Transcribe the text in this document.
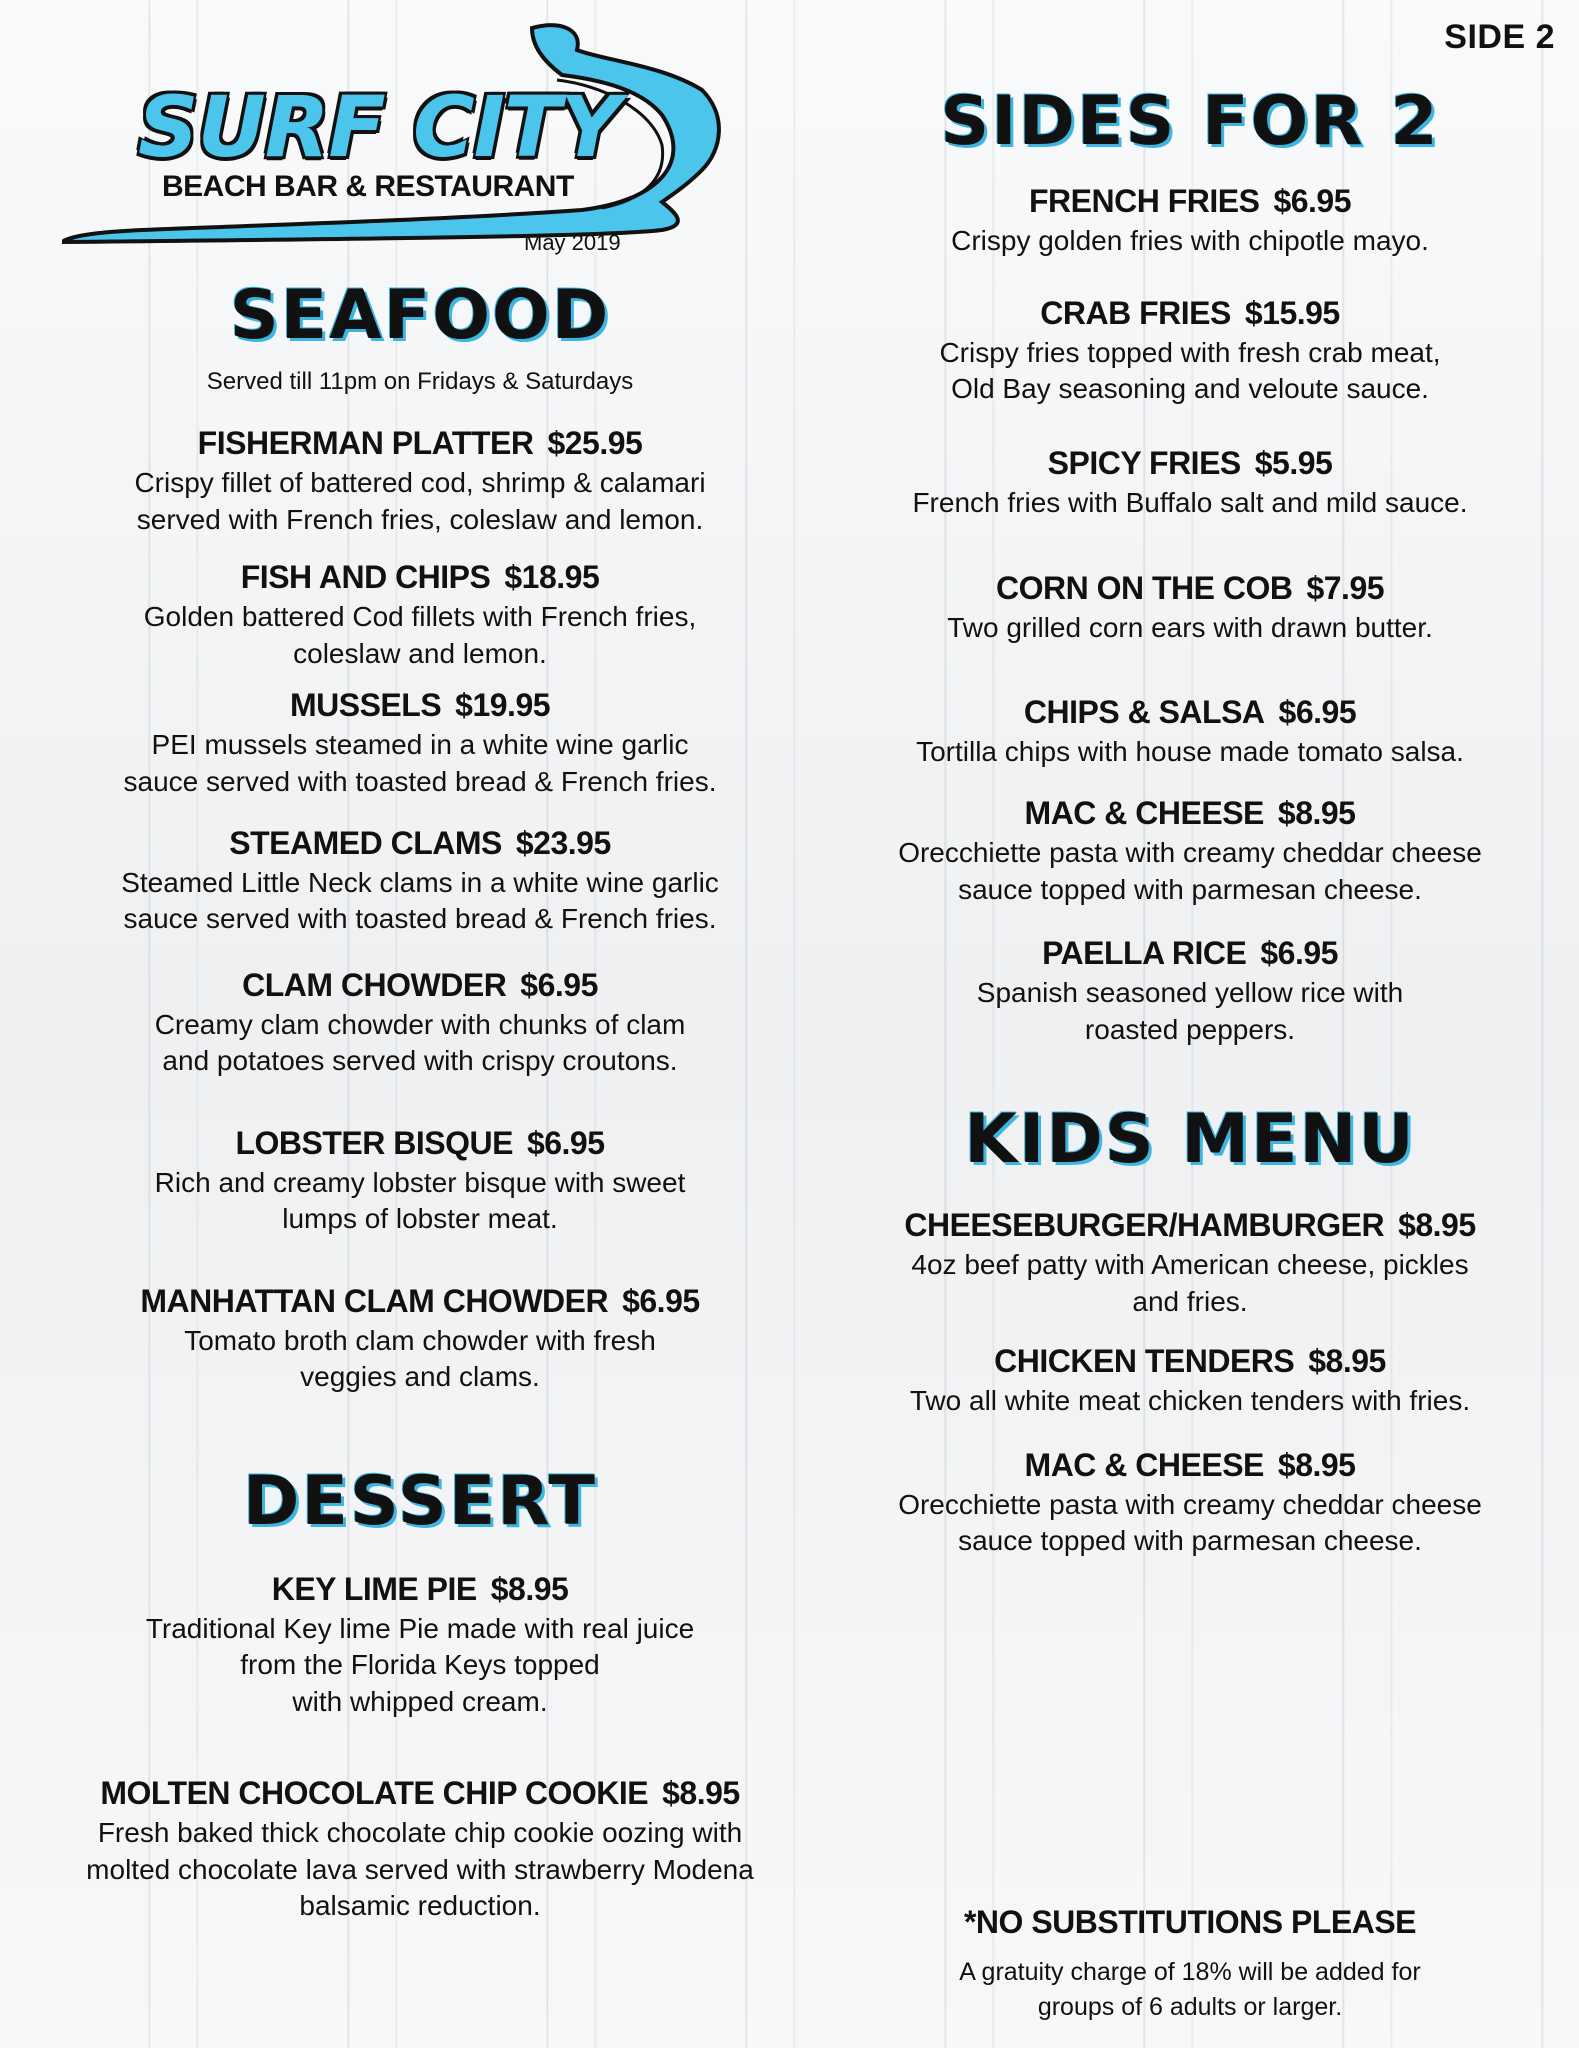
SIDE 2
SURF CITY
BEACH BAR & RESTAURANT
May 2019
SEAFOOD
Served till 11pm on Fridays & Saturdays
FISHERMAN PLATTER $25.95
Crispy fillet of battered cod, shrimp & calamari
served with French fries, coleslaw and lemon.
FISH AND CHIPS $18.95
Golden battered Cod fillets with French fries,
coleslaw and lemon.
MUSSELS $19.95
PEI mussels steamed in a white wine garlic
sauce served with toasted bread & French fries.
STEAMED CLAMS $23.95
Steamed Little Neck clams in a white wine garlic
sauce served with toasted bread & French fries.
CLAM CHOWDER $6.95
Creamy clam chowder with chunks of clam
and potatoes served with crispy croutons.
LOBSTER BISQUE $6.95
Rich and creamy lobster bisque with sweet
lumps of lobster meat.
MANHATTAN CLAM CHOWDER $6.95
Tomato broth clam chowder with fresh
veggies and clams.
DESSERT
KEY LIME PIE $8.95
Traditional Key lime Pie made with real juice
from the Florida Keys topped
with whipped cream.
MOLTEN CHOCOLATE CHIP COOKIE $8.95
Fresh baked thick chocolate chip cookie oozing with
molted chocolate lava served with strawberry Modena
balsamic reduction.
SIDES FOR 2
FRENCH FRIES $6.95
Crispy golden fries with chipotle mayo.
CRAB FRIES $15.95
Crispy fries topped with fresh crab meat,
Old Bay seasoning and veloute sauce.
SPICY FRIES $5.95
French fries with Buffalo salt and mild sauce.
CORN ON THE COB $7.95
Two grilled corn ears with drawn butter.
CHIPS & SALSA $6.95
Tortilla chips with house made tomato salsa.
MAC & CHEESE $8.95
Orecchiette pasta with creamy cheddar cheese
sauce topped with parmesan cheese.
PAELLA RICE $6.95
Spanish seasoned yellow rice with
roasted peppers.
KIDS MENU
CHEESEBURGER/HAMBURGER $8.95
4oz beef patty with American cheese, pickles
and fries.
CHICKEN TENDERS $8.95
Two all white meat chicken tenders with fries.
MAC & CHEESE $8.95
Orecchiette pasta with creamy cheddar cheese
sauce topped with parmesan cheese.
*NO SUBSTITUTIONS PLEASE
A gratuity charge of 18% will be added for
groups of 6 adults or larger.
